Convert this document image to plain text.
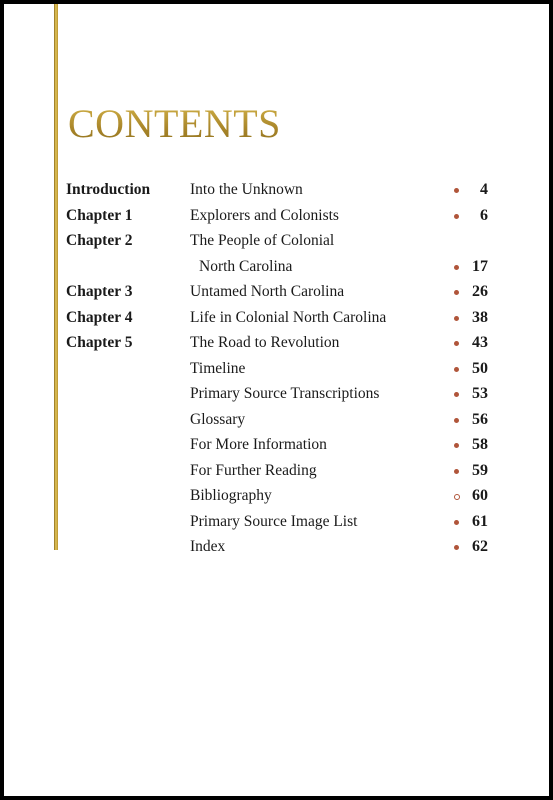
CONTENTS
Introduction	Into the Unknown	4
Chapter 1	Explorers and Colonists	6
Chapter 2	The People of Colonial
North Carolina	17
Chapter 3	Untamed North Carolina	26
Chapter 4	Life in Colonial North Carolina	38
Chapter 5	The Road to Revolution	43
Timeline	50
Primary Source Transcriptions	53
Glossary	56
For More Information	58
For Further Reading	59
Bibliography	60
Primary Source Image List	61
Index	62
